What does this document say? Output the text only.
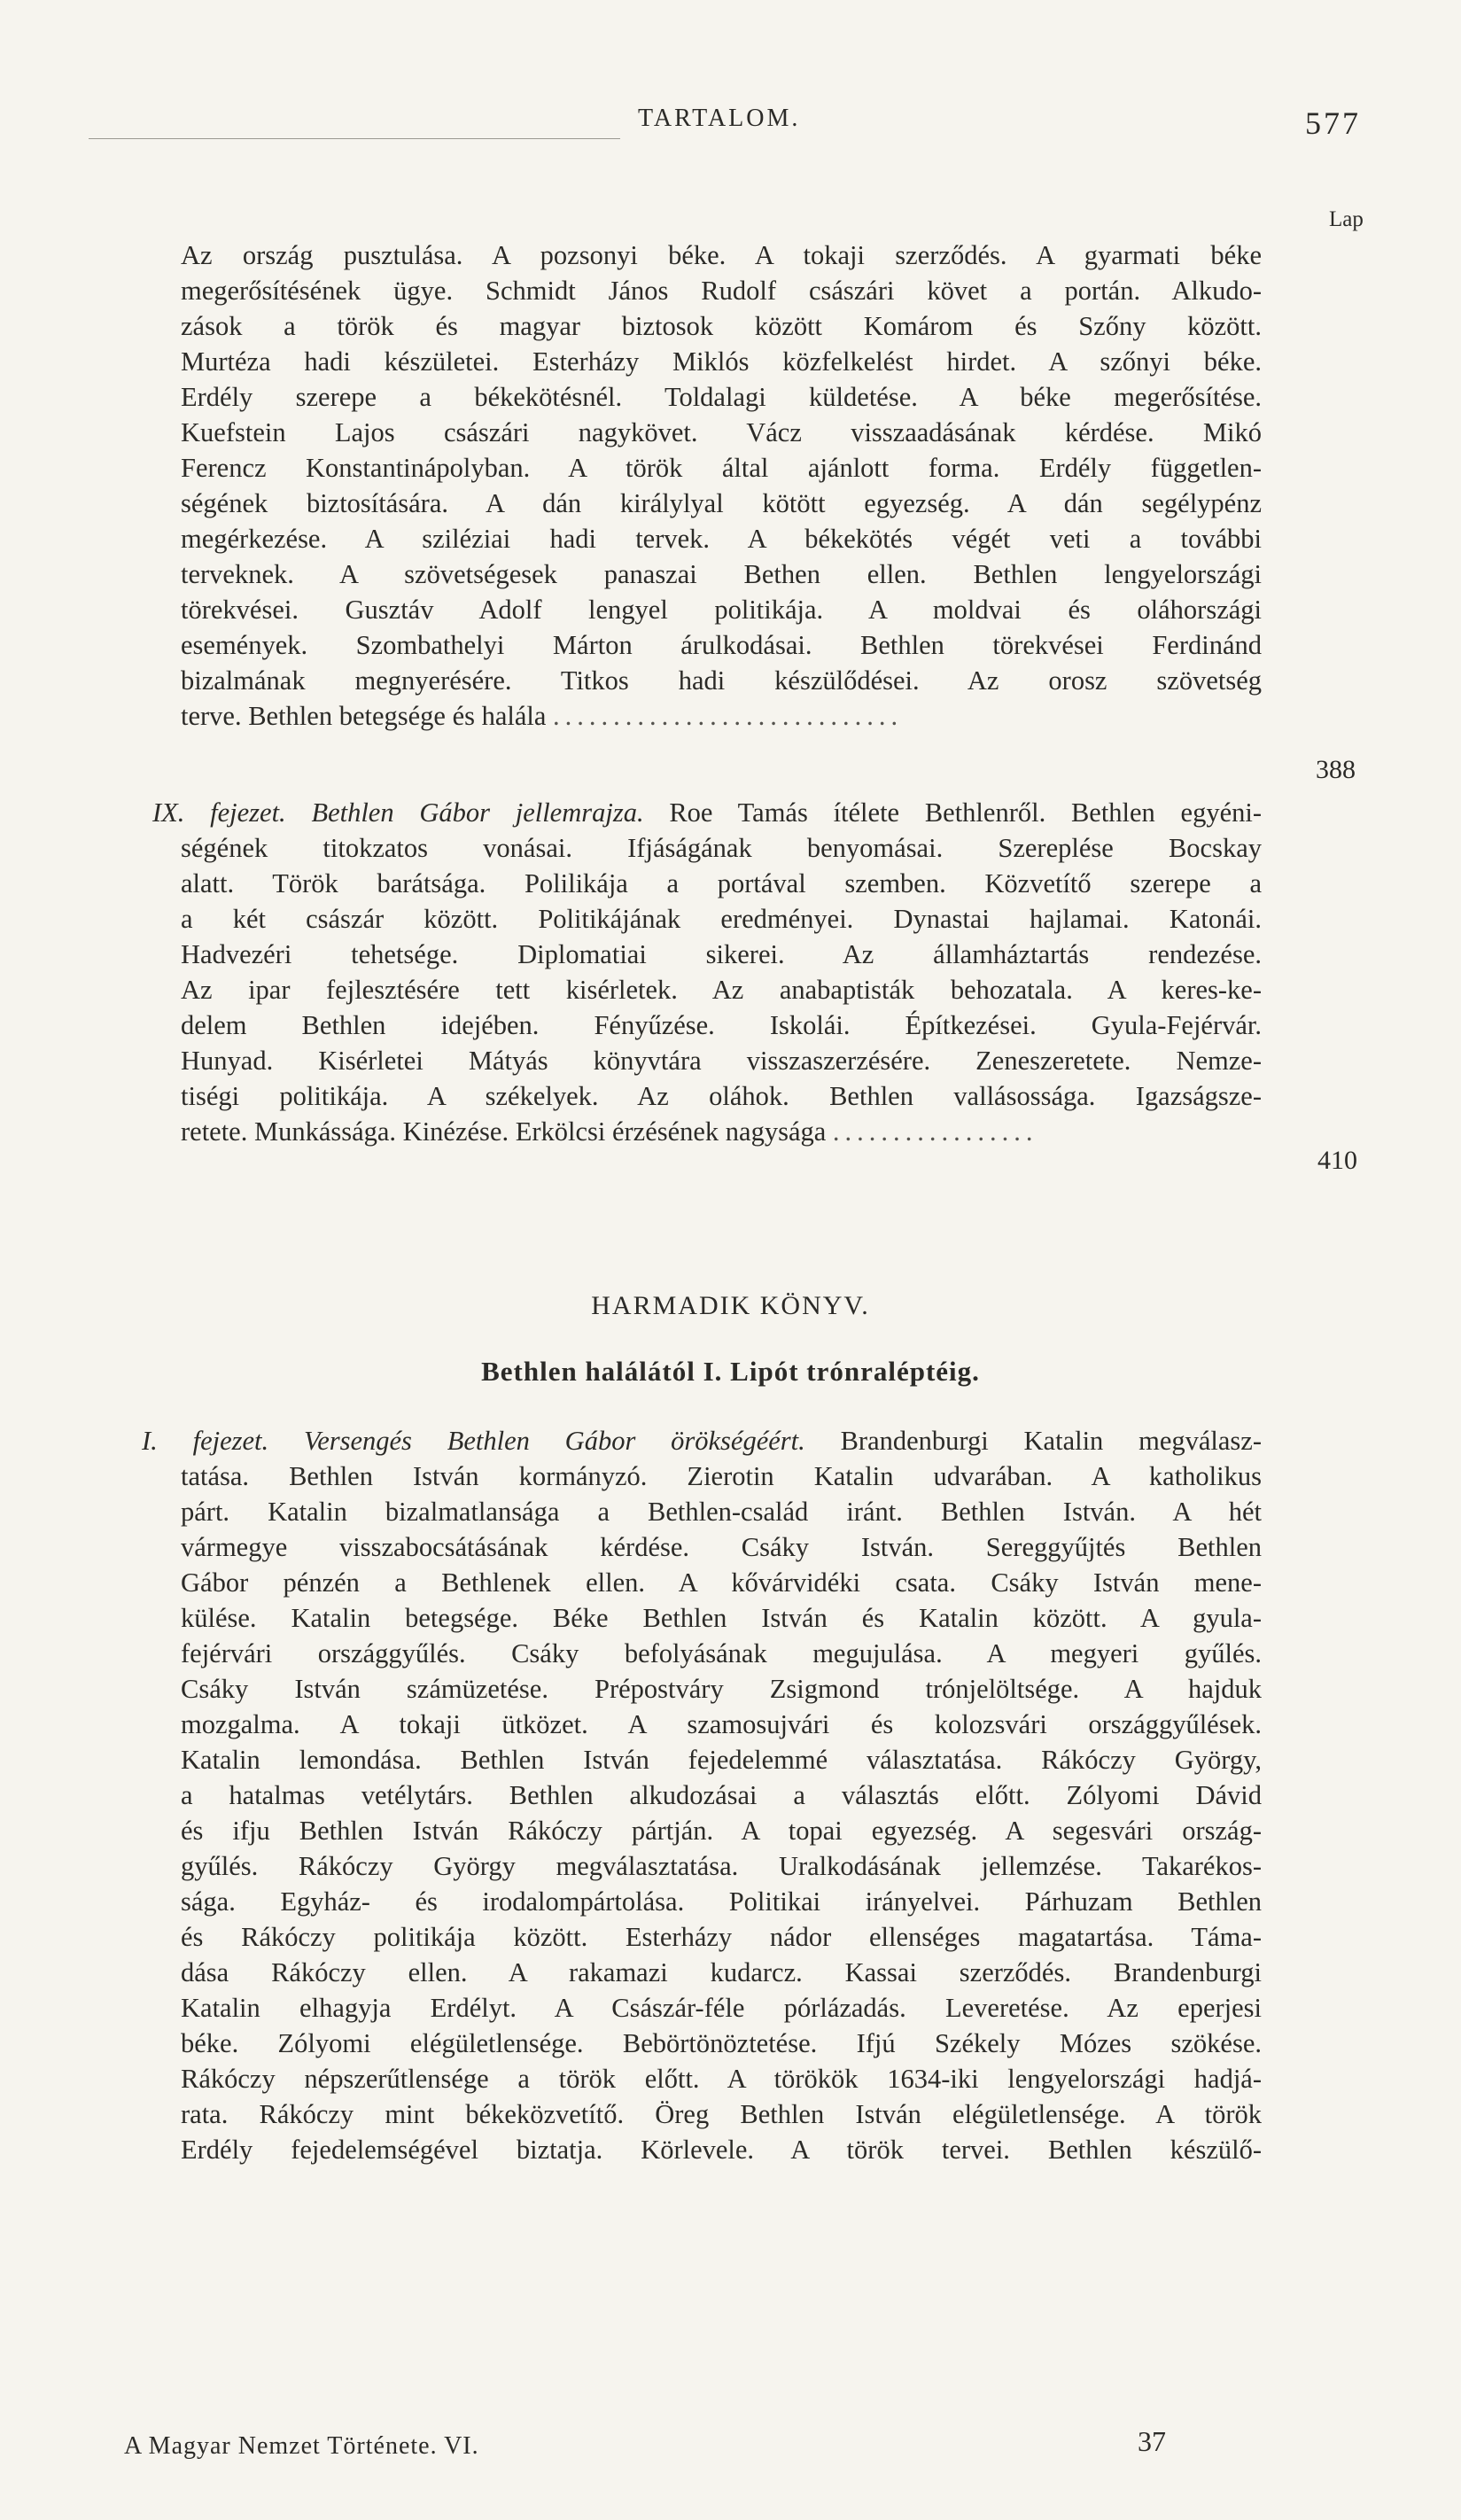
TARTALOM.	577
Lap
Az ország pusztulása. A pozsonyi béke. A tokaji szerződés. A gyarmati béke
megerősítésének ügye. Schmidt János Rudolf császári követ a portán. Alkudo-
zások a török és magyar biztosok között Komárom és Szőny között.
Murtéza hadi készületei. Esterházy Miklós közfelkelést hirdet. A szőnyi béke.
Erdély szerepe a békekötésnél. Toldalagi küldetése. A béke megerősítése.
Kuefstein Lajos császári nagykövet. Vácz visszaadásának kérdése. Mikó
Ferencz Konstantinápolyban. A török által ajánlott forma. Erdély független-
ségének biztosítására. A dán királylyal kötött egyezség. A dán segélypénz
megérkezése. A sziléziai hadi tervek. A békekötés végét veti a további
terveknek. A szövetségesek panaszai Bethen ellen. Bethlen lengyelországi
törekvései. Gusztáv Adolf lengyel politikája. A moldvai és oláhországi
események. Szombathelyi Márton árulkodásai. Bethlen törekvései Ferdinánd
bizalmának megnyerésére. Titkos hadi készülődései. Az orosz szövetség
terve. Bethlen betegsége és halála .............................
388
IX. fejezet. Bethlen Gábor jellemrajza. Roe Tamás ítélete Bethlenről. Bethlen egyéni-
ségének titokzatos vonásai. Ifjáságának benyomásai. Szereplése Bocskay
alatt. Török barátsága. Polilikája a portával szemben. Közvetítő szerepe a
a két császár között. Politikájának eredményei. Dynastai hajlamai. Katonái.
Hadvezéri tehetsége. Diplomatiai sikerei. Az államháztartás rendezése.
Az ipar fejlesztésére tett kisérletek. Az anabaptisták behozatala. A keres-ke-
delem Bethlen idejében. Fényűzése. Iskolái. Építkezései. Gyula-Fejérvár.
Hunyad. Kisérletei Mátyás könyvtára visszaszerzésére. Zeneszeretete. Nemze-
tiségi politikája. A székelyek. Az oláhok. Bethlen vallásossága. Igazságsze-
retete. Munkássága. Kinézése. Erkölcsi érzésének nagysága .................
410
HARMADIK KÖNYV.
Bethlen halálától I. Lipót trónraléptéig.
I. fejezet. Versengés Bethlen Gábor örökségéért. Brandenburgi Katalin megválasz-
tatása. Bethlen István kormányzó. Zierotin Katalin udvarában. A katholikus
párt. Katalin bizalmatlansága a Bethlen-család iránt. Bethlen István. A hét
vármegye visszabocsátásának kérdése. Csáky István. Sereggyűjtés Bethlen
Gábor pénzén a Bethlenek ellen. A kővárvidéki csata. Csáky István mene-
külése. Katalin betegsége. Béke Bethlen István és Katalin között. A gyula-
fejérvári országgyűlés. Csáky befolyásának megujulása. A megyeri gyűlés.
Csáky István számüzetése. Prépostváry Zsigmond trónjelöltsége. A hajduk
mozgalma. A tokaji ütközet. A szamosujvári és kolozsvári országgyűlések.
Katalin lemondása. Bethlen István fejedelemmé választatása. Rákóczy György,
a hatalmas vetélytárs. Bethlen alkudozásai a választás előtt. Zólyomi Dávid
és ifju Bethlen István Rákóczy pártján. A topai egyezség. A segesvári ország-
gyűlés. Rákóczy György megválasztatása. Uralkodásának jellemzése. Takarékos-
sága. Egyház- és irodalompártolása. Politikai irányelvei. Párhuzam Bethlen
és Rákóczy politikája között. Esterházy nádor ellenséges magatartása. Táma-
dása Rákóczy ellen. A rakamazi kudarcz. Kassai szerződés. Brandenburgi
Katalin elhagyja Erdélyt. A Császár-féle pórlázadás. Leveretése. Az eperjesi
béke. Zólyomi elégületlensége. Bebörtönöztetése. Ifjú Székely Mózes szökése.
Rákóczy népszerűtlensége a török előtt. A törökök 1634-iki lengyelországi hadjá-
rata. Rákóczy mint békeközvetítő. Öreg Bethlen István elégületlensége. A török
Erdély fejedelemségével biztatja. Körlevele. A török tervei. Bethlen készülő-
A Magyar Nemzet Története. VI.	37
